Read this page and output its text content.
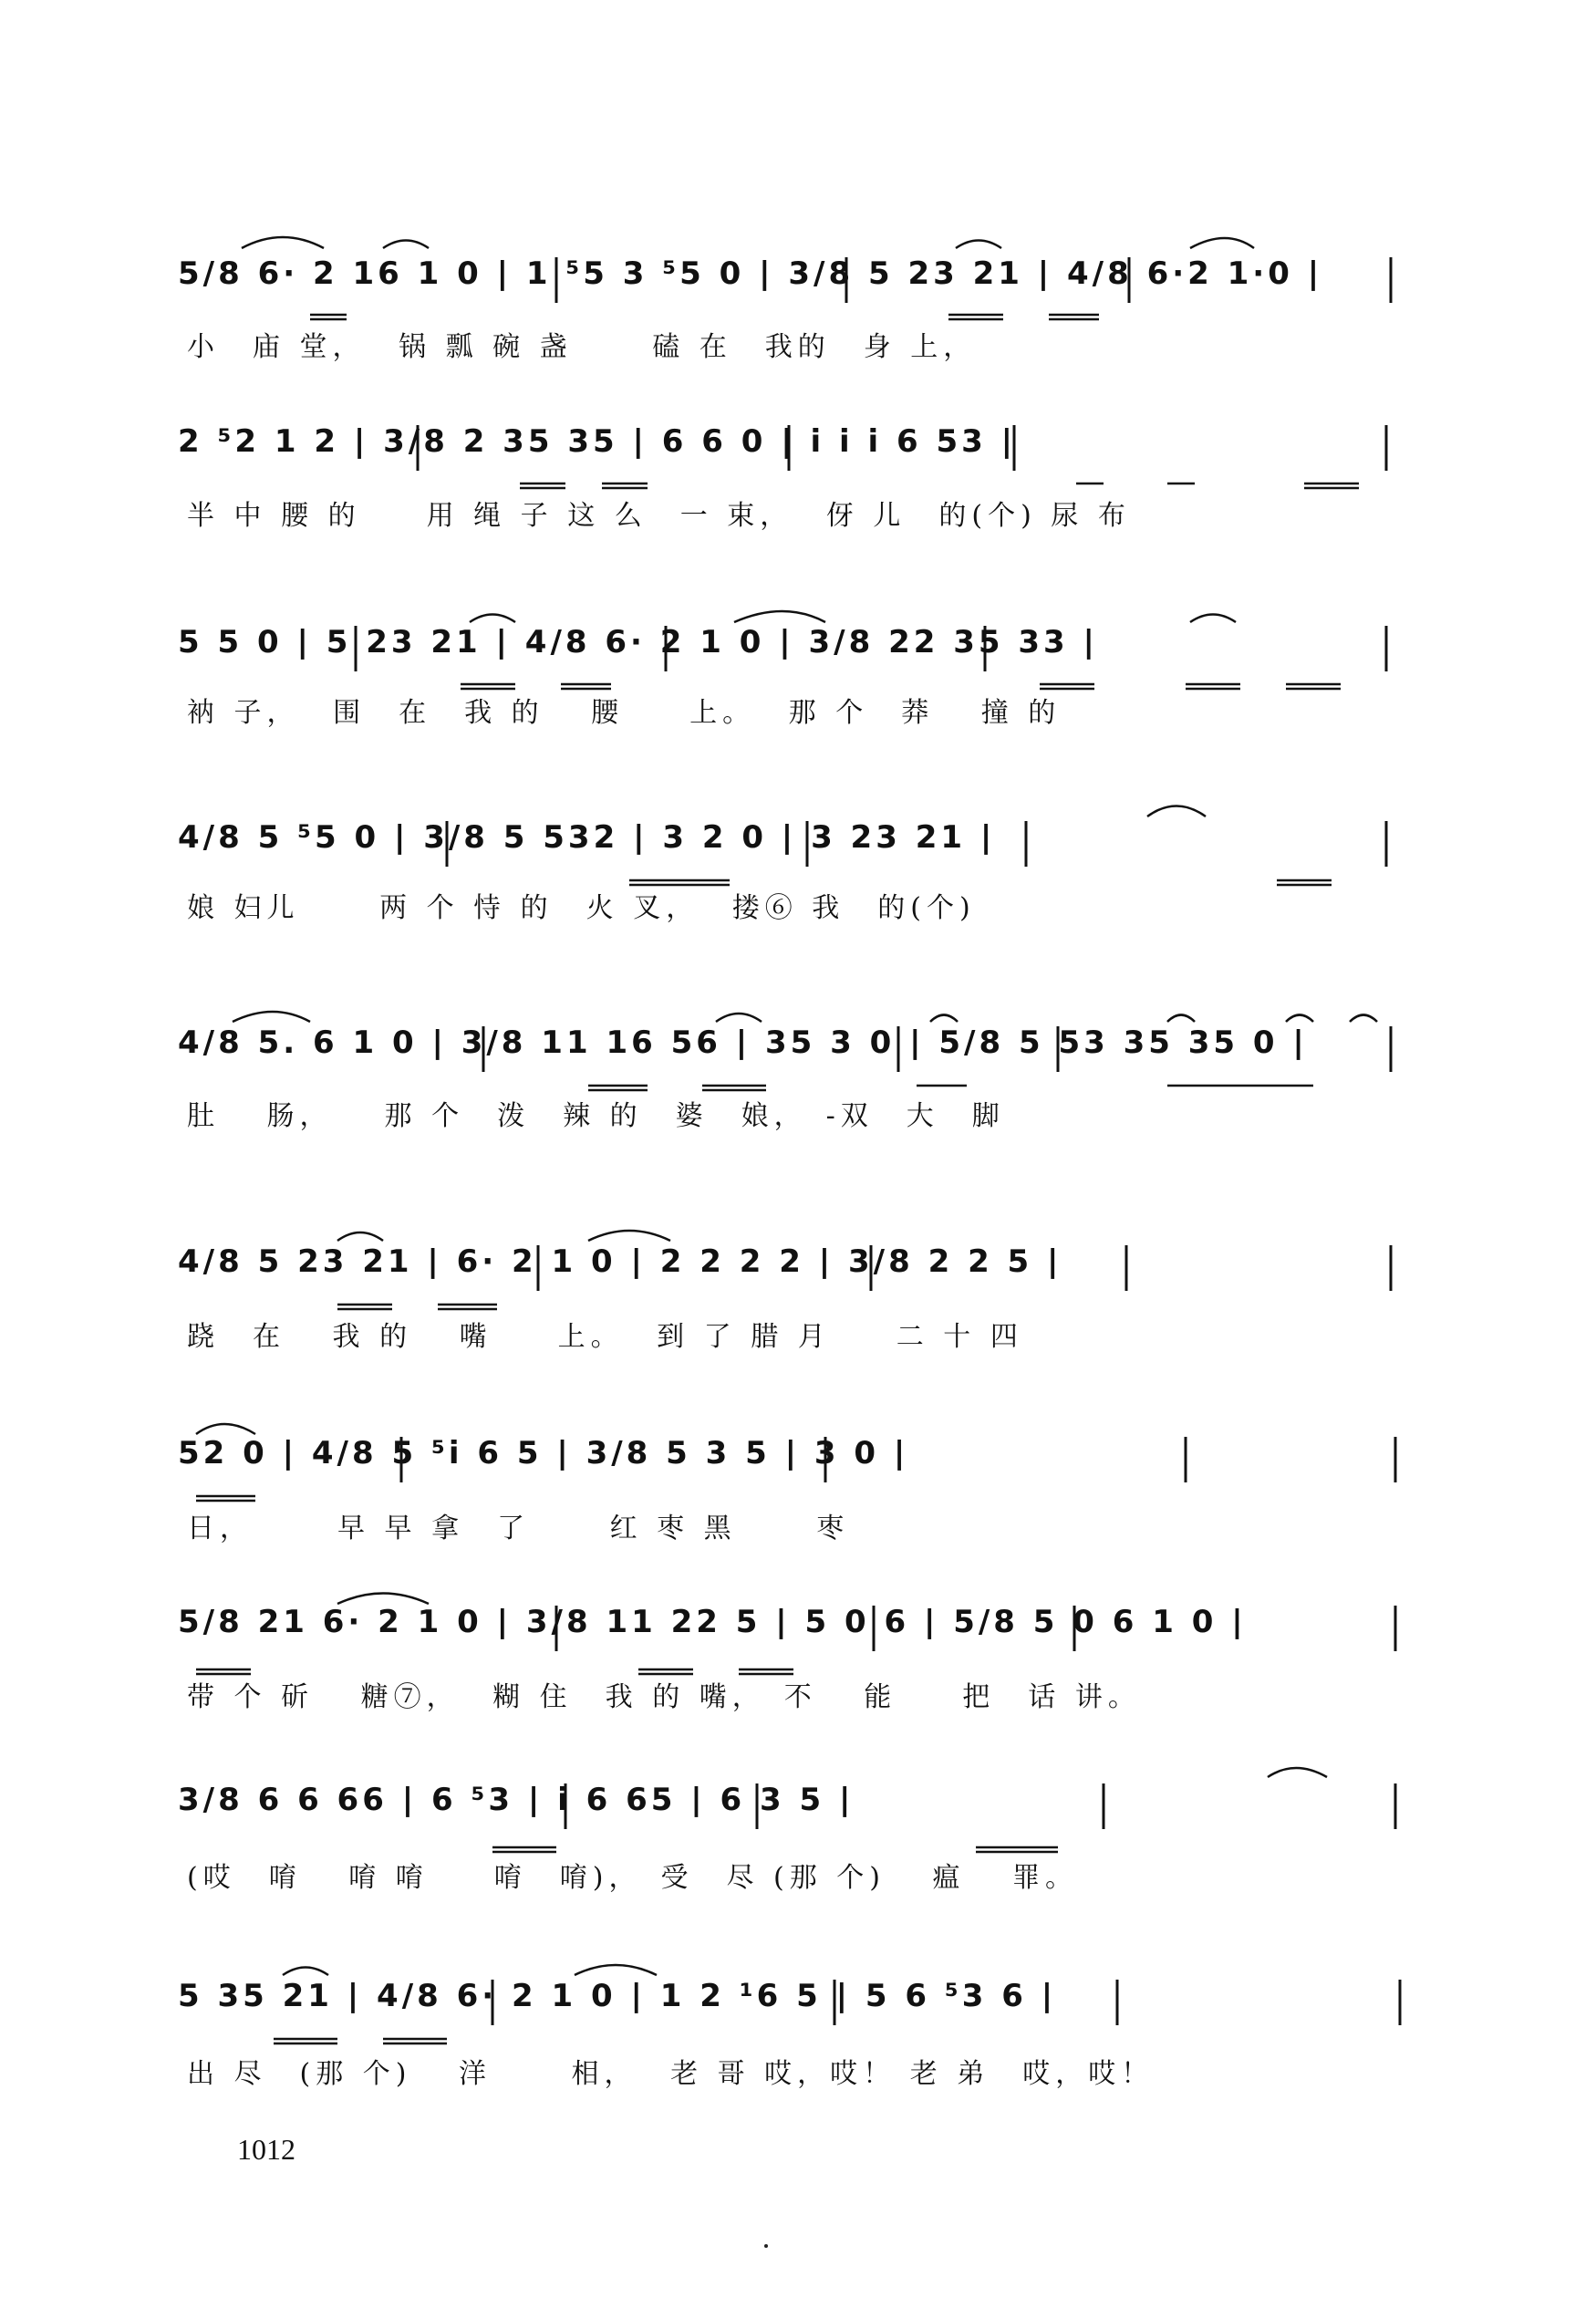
5/8 6· 2 16 1 0 | 1 ⁵5 3 ⁵5 0 | 3/8 5 23 21 | 4/8 6·2 1·0 |
小　庙 堂，　 锅 瓢 碗 盏　　 磕 在　我的　身 上，
2 ⁵2 1 2 | 3/8 2 35 35 | 6 6 0 | i i i 6 53 |
半 中 腰 的　　用 绳 子 这 么　一 束，　 伢 儿　的(个) 尿 布
5 5 0 | 5 23 21 | 4/8 6· 2 1 0 | 3/8 22 35 33 |
衲 子，　 围　在　我 的　 腰　　上。　 那 个　莽　 撞 的
4/8 5 ⁵5 0 | 3/8 5 532 | 3 2 0 | 3 23 21 |
娘 妇儿　　 两 个 恃 的　火 叉，　 搂⑥ 我　的(个)
4/8 5. 6 1 0 | 3/8 11 16 56 | 35 3 0 | 5/8 5 53 35 35 0 |
肚　 肠，　　那 个　泼　辣 的　婆　娘，　-双　大　脚
4/8 5 23 21 | 6· 2 1 0 | 2 2 2 2 | 3/8 2 2 5 |
跷　在　 我 的　 嘴　　上。　 到 了 腊 月　　二 十 四
52 0 | 4/8 5 ⁵i 6 5 | 3/8 5 3 5 | 3 0 |
日，　　　早 早 拿　了　　 红 枣 黑　　 枣
5/8 21 6· 2 1 0 | 3/8 11 22 5 | 5 0 6 | 5/8 5 0 6 1 0 |
带 个 斫　 糖⑦，　 糊 住　我 的 嘴，　不　 能　　把　话 讲。
3/8 6 6 66 | 6 ⁵3 | i 6 65 | 6 3 5 |
(哎　唷　 唷 唷　　唷　唷)，　受　尽 (那 个)　 瘟　 罪。
5 35 21 | 4/8 6· 2 1 0 | 1 2 ¹6 5 | 5 6 ⁵3 6 |
出 尽　(那 个)　 洋　　 相，　 老 哥 哎，哎！ 老 弟　哎，哎！
1012
